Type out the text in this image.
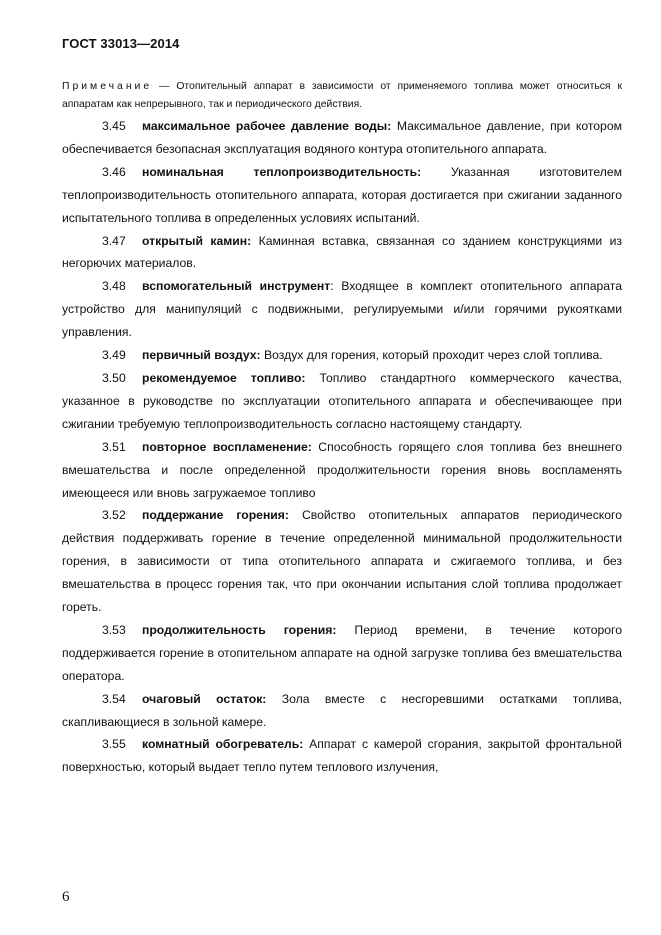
ГОСТ 33013—2014
Примечание — Отопительный аппарат в зависимости от применяемого топлива может относиться к аппаратам как непрерывного, так и периодического действия.

3.45 максимальное рабочее давление воды: Максимальное давление, при котором обеспечивается безопасная эксплуатация водяного контура отопительного аппарата.

3.46 номинальная теплопроизводительность: Указанная изготовителем теплопроизводительность отопительного аппарата, которая достигается при сжигании заданного испытательного топлива в определенных условиях испытаний.

3.47 открытый камин: Каминная вставка, связанная со зданием конструкциями из негорючих материалов.

3.48 вспомогательный инструмент: Входящее в комплект отопительного аппарата устройство для манипуляций с подвижными, регулируемыми и/или горячими рукоятками управления.

3.49 первичный воздух: Воздух для горения, который проходит через слой топлива.

3.50 рекомендуемое топливо: Топливо стандартного коммерческого качества, указанное в руководстве по эксплуатации отопительного аппарата и обеспечивающее при сжигании требуемую теплопроизводительность согласно настоящему стандарту.

3.51 повторное воспламенение: Способность горящего слоя топлива без внешнего вмешательства и после определенной продолжительности горения вновь воспламенять имеющееся или вновь загружаемое топливо

3.52 поддержание горения: Свойство отопительных аппаратов периодического действия поддерживать горение в течение определенной минимальной продолжительности горения, в зависимости от типа отопительного аппарата и сжигаемого топлива, и без вмешательства в процесс горения так, что при окончании испытания слой топлива продолжает гореть.

3.53 продолжительность горения: Период времени, в течение которого поддерживается горение в отопительном аппарате на одной загрузке топлива без вмешательства оператора.

3.54 очаговый остаток: Зола вместе с несгоревшими остатками топлива, скапливающиеся в зольной камере.

3.55 комнатный обогреватель: Аппарат с камерой сгорания, закрытой фронтальной поверхностью, который выдает тепло путем теплового излучения,

6
